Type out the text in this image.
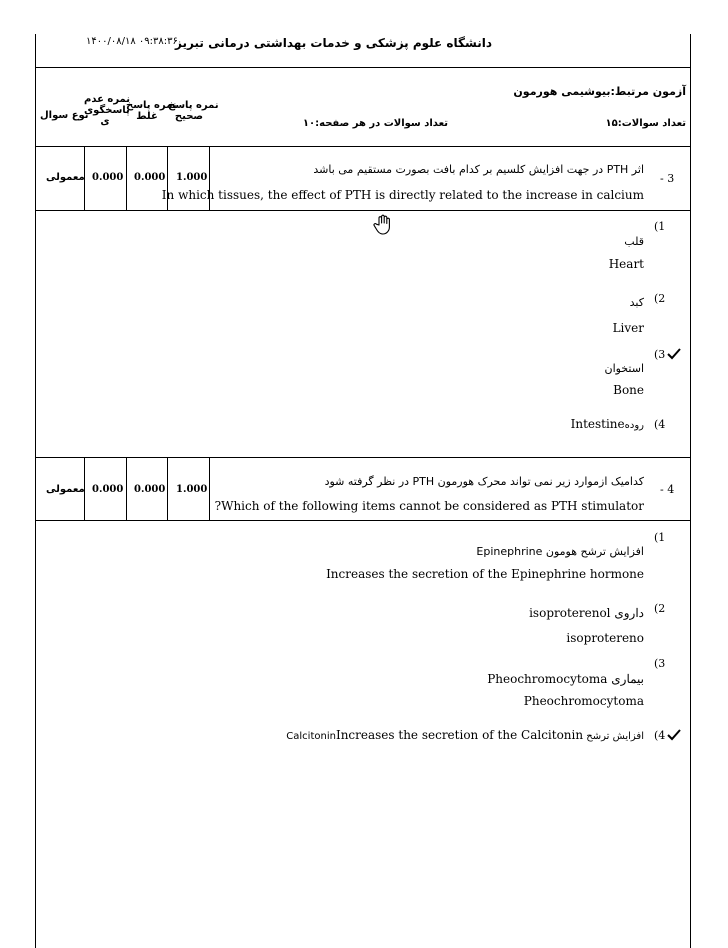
۱۴۰۰/۰۸/۱۸ ۰۹:۳۸:۳۶
دانشگاه علوم پزشکی و خدمات بهداشتی درمانی تبریز
آزمون مرتبط:بیوشیمی هورمون
تعداد سوالات:۱۵
تعداد سوالات در هر صفحه:۱۰
نمره پاسخ
صحیح
نمره پاسخ
غلط
نمره عدم
پاسخگوی
ی
نوع سوال
- 3
اثر PTH در جهت افزایش کلسیم بر کدام بافت بصورت مستقیم می باشد
In which tissues, the effect of PTH is directly related to the increase in calcium
1.000
0.000
0.000
معمولی
(1
قلب
Heart
(2
کبد
Liver
(3
استخوان
Bone
(4
رودهIntestine
- 4
کدامیک ازموارد زیر نمی تواند محرک هورمون PTH در نظر گرفته شود
Which of the following items cannot be considered as PTH stimulator?
1.000
0.000
0.000
معمولی
(1
افزایش ترشح هومون Epinephrine
Increases the secretion of the Epinephrine hormone
(2
داروی isoproterenol
isoprotereno
(3
بیماری Pheochromocytoma
Pheochromocytoma
(4
افزایش ترشح CalcitoninIncreases the secretion of the Calcitonin
